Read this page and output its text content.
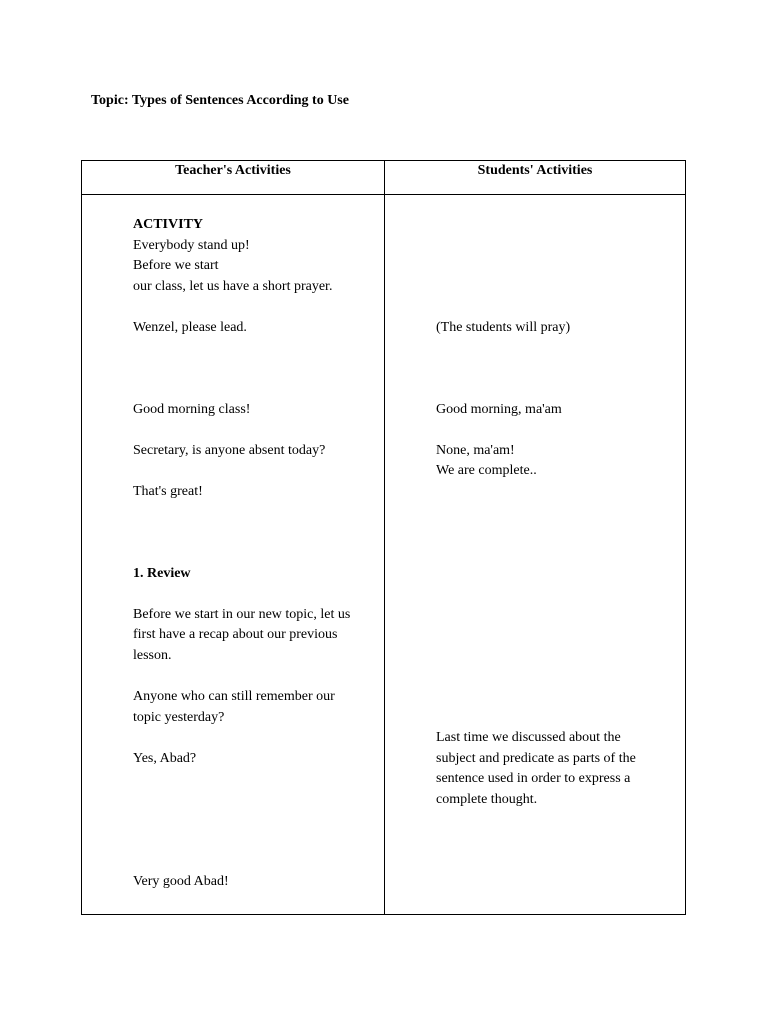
Topic: Types of Sentences According to Use
Teacher's Activities	Students' Activities
ACTIVITY
Everybody stand up!
Before we start
our class, let us have a short prayer.
Wenzel, please lead.
Good morning class!
Secretary, is anyone absent today?
That's great!
1. Review
Before we start in our new topic, let us
first have a recap about our previous
lesson.
Anyone who can still remember our
topic yesterday?
Yes, Abad?
Very good Abad!
(The students will pray)
Good morning, ma'am
None, ma'am!
We are complete..
Last time we discussed about the
subject and predicate as parts of the
sentence used in order to express a
complete thought.
